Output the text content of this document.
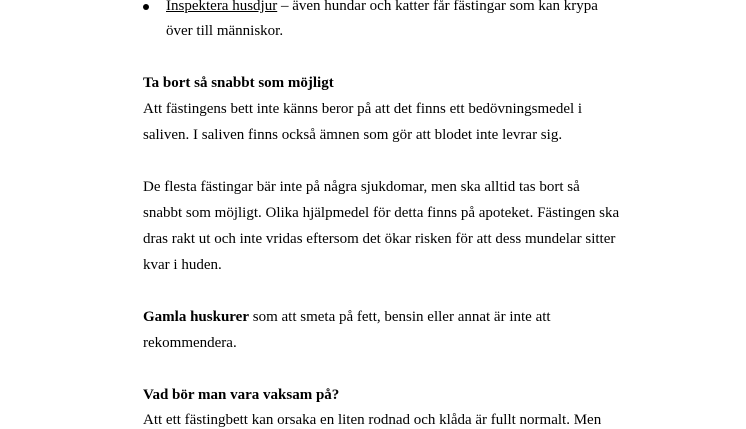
Inspektera husdjur – även hundar och katter får fästingar som kan krypa
över till människor.
Ta bort så snabbt som möjligt
Att fästingens bett inte känns beror på att det finns ett bedövningsmedel i
saliven. I saliven finns också ämnen som gör att blodet inte levrar sig.
De flesta fästingar bär inte på några sjukdomar, men ska alltid tas bort så
snabbt som möjligt. Olika hjälpmedel för detta finns på apoteket. Fästingen ska
dras rakt ut och inte vridas eftersom det ökar risken för att dess mundelar sitter
kvar i huden.
Gamla huskurer som att smeta på fett, bensin eller annat är inte att
rekommendera.
Vad bör man vara vaksam på?
Att ett fästingbett kan orsaka en liten rodnad och klåda är fullt normalt. Men
